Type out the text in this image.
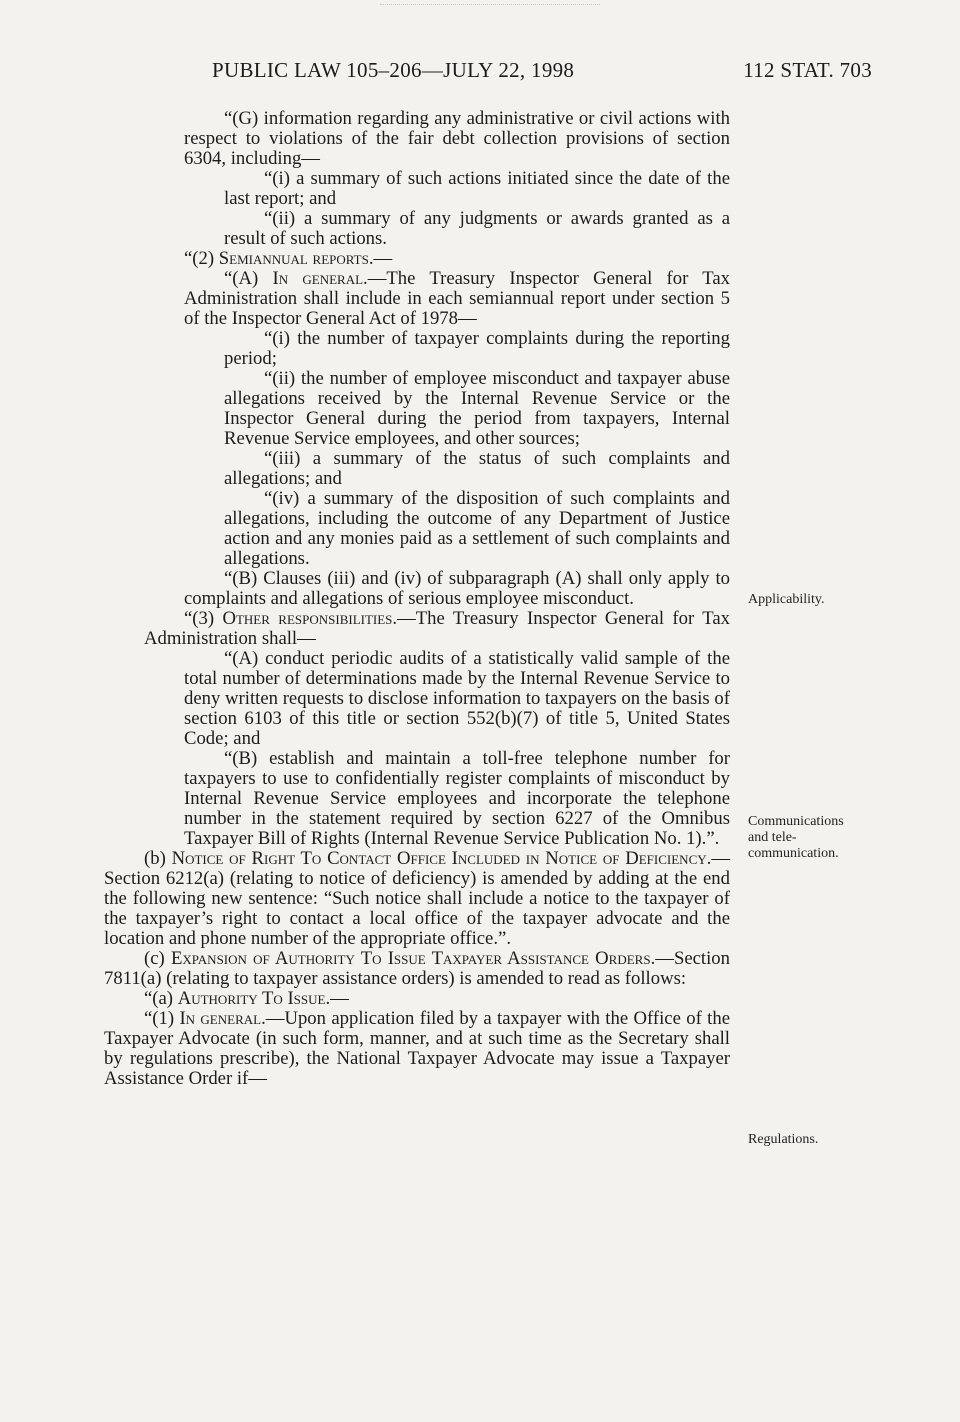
PUBLIC LAW 105–206—JULY 22, 1998	112 STAT. 703

“(G) information regarding any administrative or civil actions with respect to violations of the fair debt collection provisions of section 6304, including—

“(i) a summary of such actions initiated since the date of the last report; and

“(ii) a summary of any judgments or awards granted as a result of such actions.

“(2) Semiannual reports.—

“(A) In general.—The Treasury Inspector General for Tax Administration shall include in each semiannual report under section 5 of the Inspector General Act of 1978—

“(i) the number of taxpayer complaints during the reporting period;

“(ii) the number of employee misconduct and taxpayer abuse allegations received by the Internal Revenue Service or the Inspector General during the period from taxpayers, Internal Revenue Service employees, and other sources;

“(iii) a summary of the status of such complaints and allegations; and

“(iv) a summary of the disposition of such complaints and allegations, including the outcome of any Department of Justice action and any monies paid as a settlement of such complaints and allegations.

“(B) Clauses (iii) and (iv) of subparagraph (A) shall only apply to complaints and allegations of serious employee misconduct.

“(3) Other responsibilities.—The Treasury Inspector General for Tax Administration shall—

“(A) conduct periodic audits of a statistically valid sample of the total number of determinations made by the Internal Revenue Service to deny written requests to disclose information to taxpayers on the basis of section 6103 of this title or section 552(b)(7) of title 5, United States Code; and

“(B) establish and maintain a toll-free telephone number for taxpayers to use to confidentially register complaints of misconduct by Internal Revenue Service employees and incorporate the telephone number in the statement required by section 6227 of the Omnibus Taxpayer Bill of Rights (Internal Revenue Service Publication No. 1).”.

(b) Notice of Right To Contact Office Included in Notice of Deficiency.—Section 6212(a) (relating to notice of deficiency) is amended by adding at the end the following new sentence: “Such notice shall include a notice to the taxpayer of the taxpayer’s right to contact a local office of the taxpayer advocate and the location and phone number of the appropriate office.”.

(c) Expansion of Authority To Issue Taxpayer Assistance Orders.—Section 7811(a) (relating to taxpayer assistance orders) is amended to read as follows:

“(a) Authority To Issue.—

“(1) In general.—Upon application filed by a taxpayer with the Office of the Taxpayer Advocate (in such form, manner, and at such time as the Secretary shall by regulations prescribe), the National Taxpayer Advocate may issue a Taxpayer Assistance Order if—

Applicability.
Communications
and tele-
communication.
Regulations.
